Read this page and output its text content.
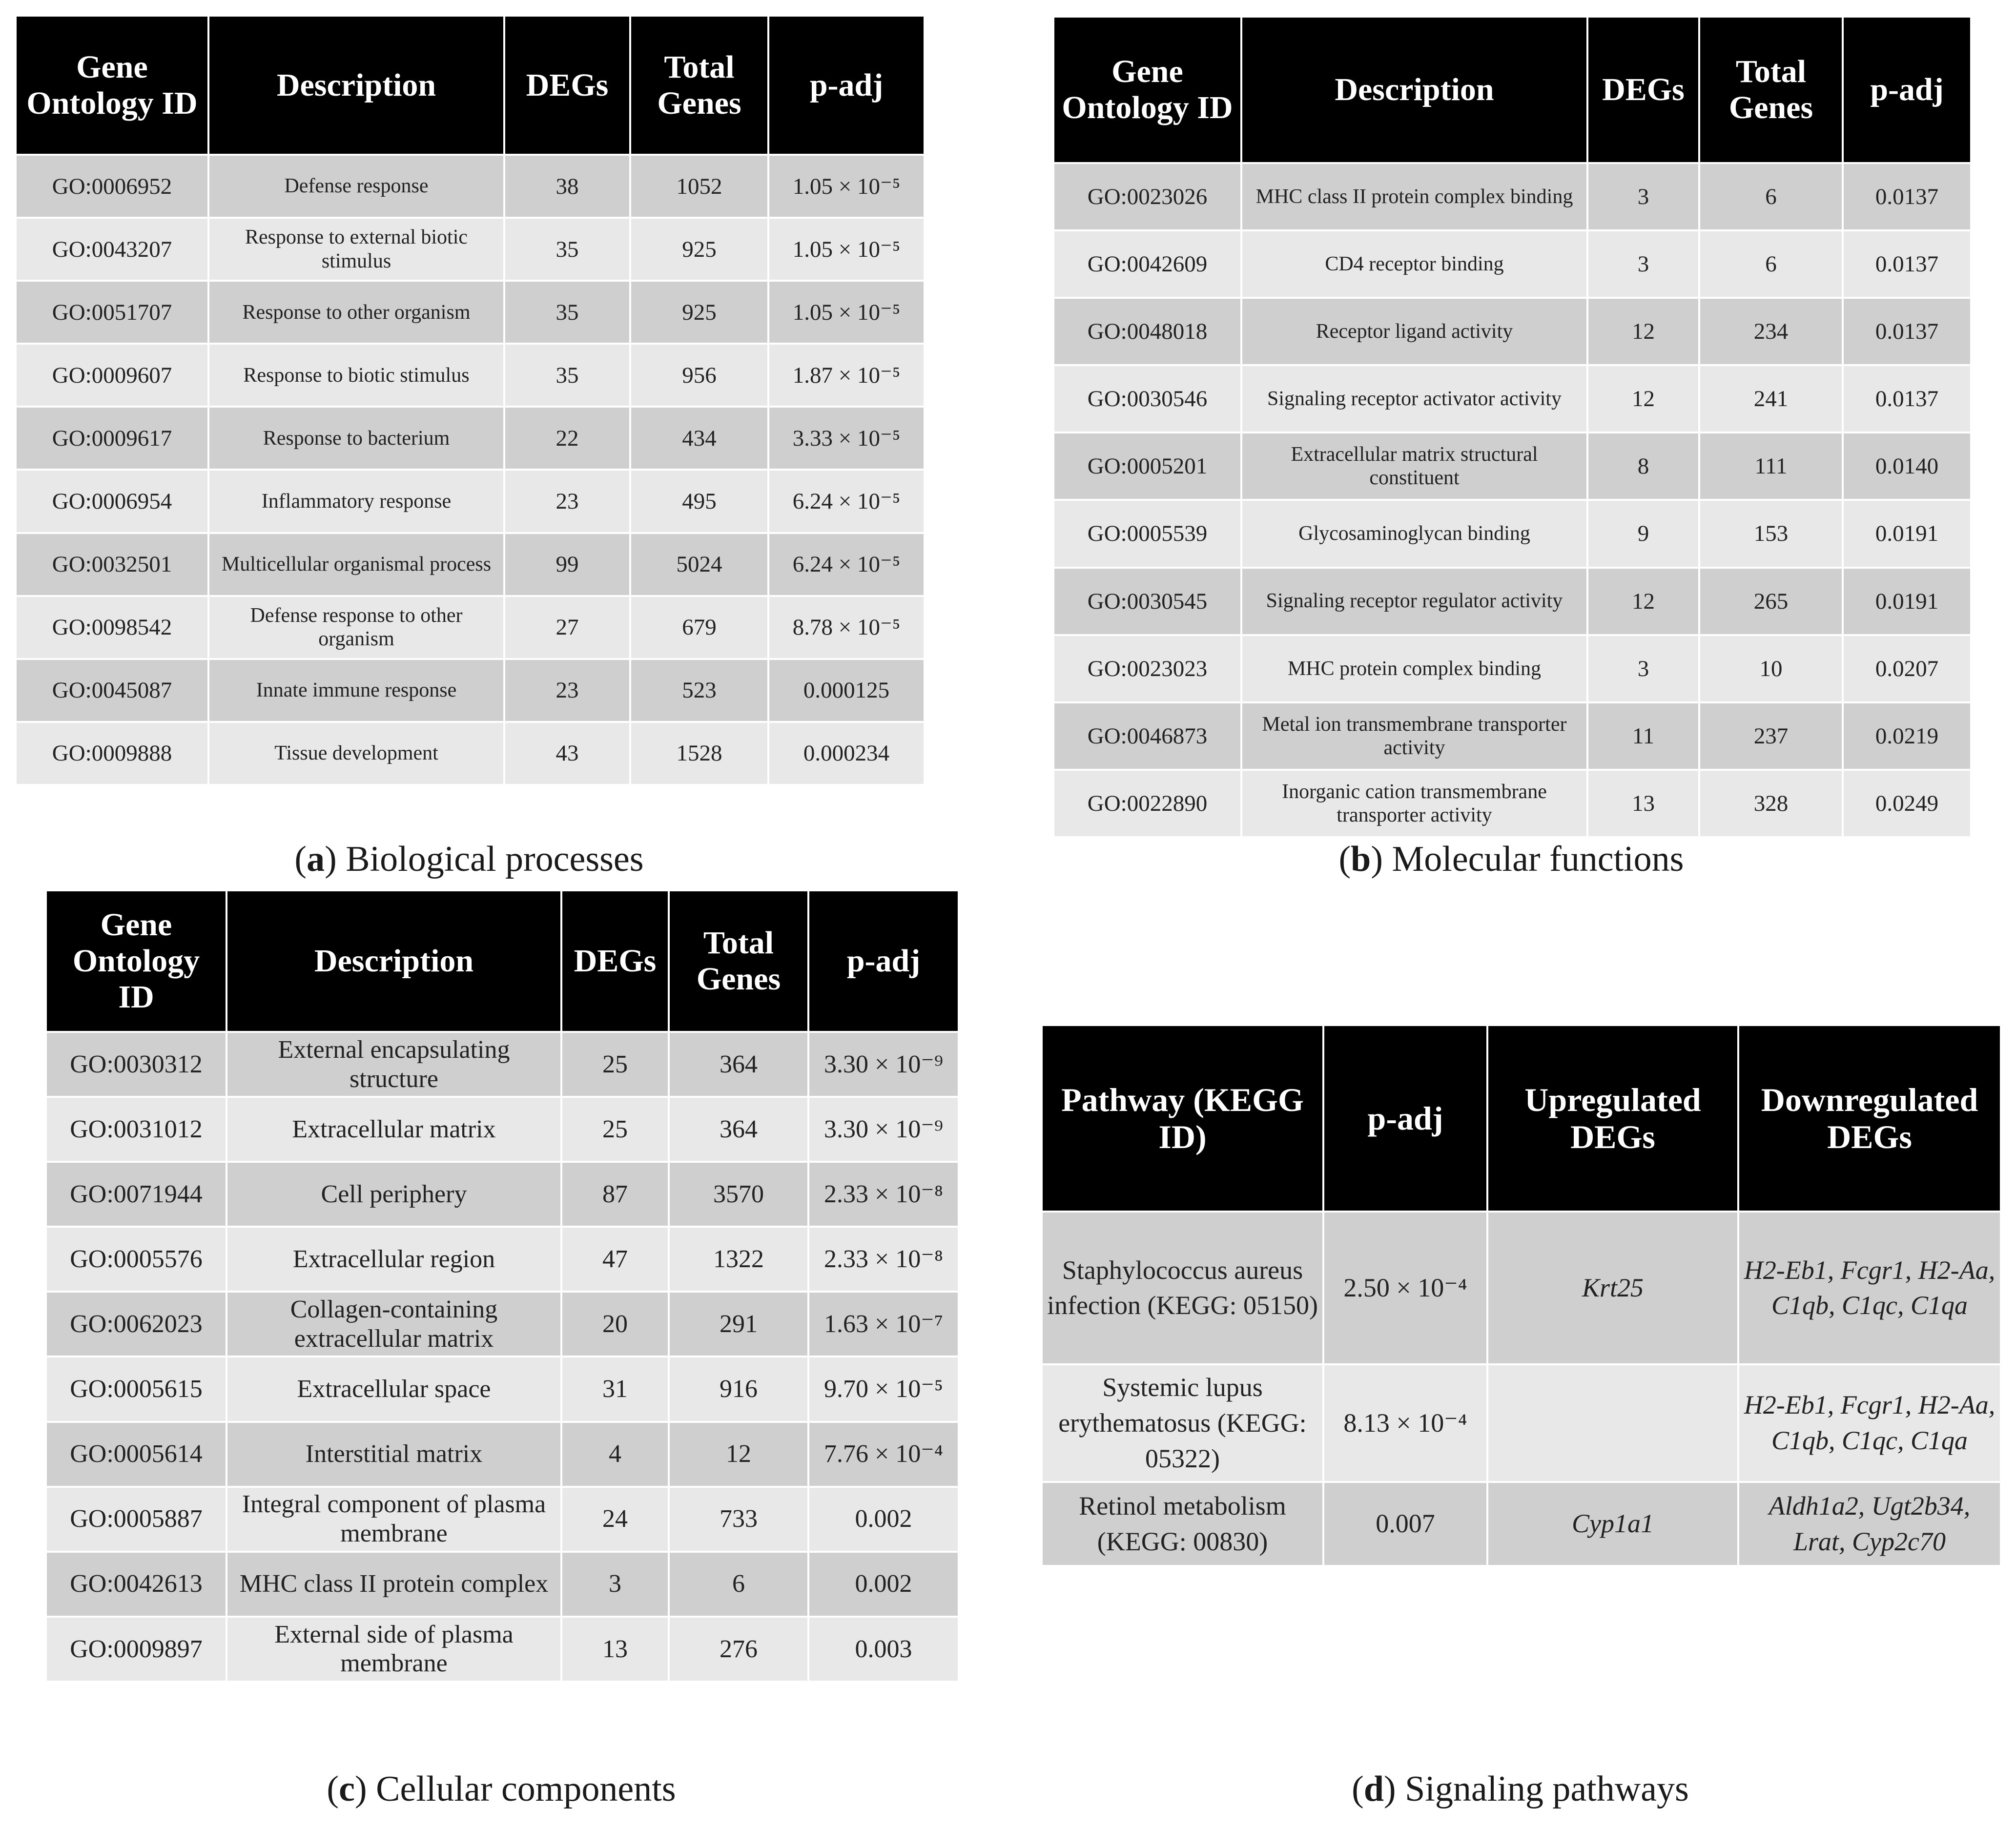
Gene Ontology ID	Description	DEGs	Total Genes	p-adj
GO:0006952	Defense response	38	1052	1.05 × 10⁻⁵
GO:0043207	Response to external biotic stimulus	35	925	1.05 × 10⁻⁵
GO:0051707	Response to other organism	35	925	1.05 × 10⁻⁵
GO:0009607	Response to biotic stimulus	35	956	1.87 × 10⁻⁵
GO:0009617	Response to bacterium	22	434	3.33 × 10⁻⁵
GO:0006954	Inflammatory response	23	495	6.24 × 10⁻⁵
GO:0032501	Multicellular organismal process	99	5024	6.24 × 10⁻⁵
GO:0098542	Defense response to other organism	27	679	8.78 × 10⁻⁵
GO:0045087	Innate immune response	23	523	0.000125
GO:0009888	Tissue development	43	1528	0.000234
(a) Biological processes
Gene Ontology ID	Description	DEGs	Total Genes	p-adj
GO:0023026	MHC class II protein complex binding	3	6	0.0137
GO:0042609	CD4 receptor binding	3	6	0.0137
GO:0048018	Receptor ligand activity	12	234	0.0137
GO:0030546	Signaling receptor activator activity	12	241	0.0137
GO:0005201	Extracellular matrix structural constituent	8	111	0.0140
GO:0005539	Glycosaminoglycan binding	9	153	0.0191
GO:0030545	Signaling receptor regulator activity	12	265	0.0191
GO:0023023	MHC protein complex binding	3	10	0.0207
GO:0046873	Metal ion transmembrane transporter activity	11	237	0.0219
GO:0022890	Inorganic cation transmembrane transporter activity	13	328	0.0249
(b) Molecular functions
Gene Ontology ID	Description	DEGs	Total Genes	p-adj
GO:0030312	External encapsulating structure	25	364	3.30 × 10⁻⁹
GO:0031012	Extracellular matrix	25	364	3.30 × 10⁻⁹
GO:0071944	Cell periphery	87	3570	2.33 × 10⁻⁸
GO:0005576	Extracellular region	47	1322	2.33 × 10⁻⁸
GO:0062023	Collagen-containing extracellular matrix	20	291	1.63 × 10⁻⁷
GO:0005615	Extracellular space	31	916	9.70 × 10⁻⁵
GO:0005614	Interstitial matrix	4	12	7.76 × 10⁻⁴
GO:0005887	Integral component of plasma membrane	24	733	0.002
GO:0042613	MHC class II protein complex	3	6	0.002
GO:0009897	External side of plasma membrane	13	276	0.003
(c) Cellular components
Pathway (KEGG ID)	p-adj	Upregulated DEGs	Downregulated DEGs
Staphylococcus aureus infection (KEGG: 05150)	2.50 × 10⁻⁴	Krt25	H2-Eb1, Fcgr1, H2-Aa, C1qb, C1qc, C1qa
Systemic lupus erythematosus (KEGG: 05322)	8.13 × 10⁻⁴		H2-Eb1, Fcgr1, H2-Aa, C1qb, C1qc, C1qa
Retinol metabolism (KEGG: 00830)	0.007	Cyp1a1	Aldh1a2, Ugt2b34, Lrat, Cyp2c70
(d) Signaling pathways
